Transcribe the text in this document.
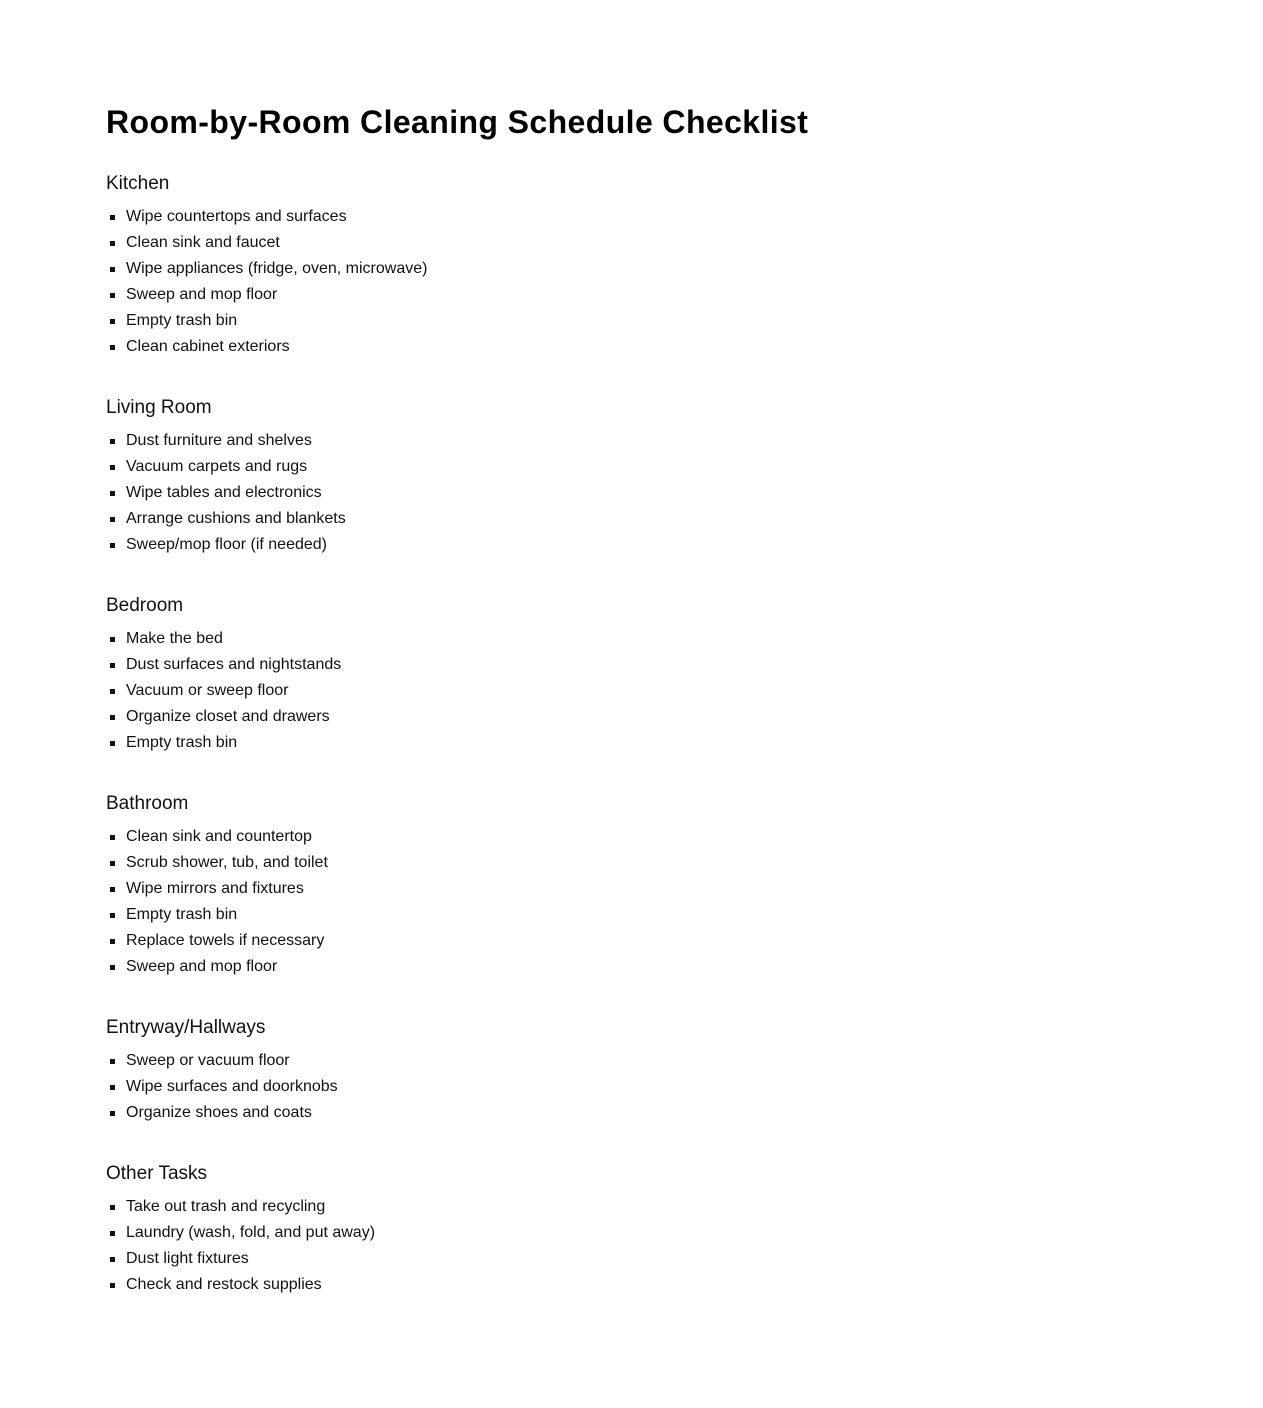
Room-by-Room Cleaning Schedule Checklist
Kitchen
Wipe countertops and surfaces
Clean sink and faucet
Wipe appliances (fridge, oven, microwave)
Sweep and mop floor
Empty trash bin
Clean cabinet exteriors
Living Room
Dust furniture and shelves
Vacuum carpets and rugs
Wipe tables and electronics
Arrange cushions and blankets
Sweep/mop floor (if needed)
Bedroom
Make the bed
Dust surfaces and nightstands
Vacuum or sweep floor
Organize closet and drawers
Empty trash bin
Bathroom
Clean sink and countertop
Scrub shower, tub, and toilet
Wipe mirrors and fixtures
Empty trash bin
Replace towels if necessary
Sweep and mop floor
Entryway/Hallways
Sweep or vacuum floor
Wipe surfaces and doorknobs
Organize shoes and coats
Other Tasks
Take out trash and recycling
Laundry (wash, fold, and put away)
Dust light fixtures
Check and restock supplies
